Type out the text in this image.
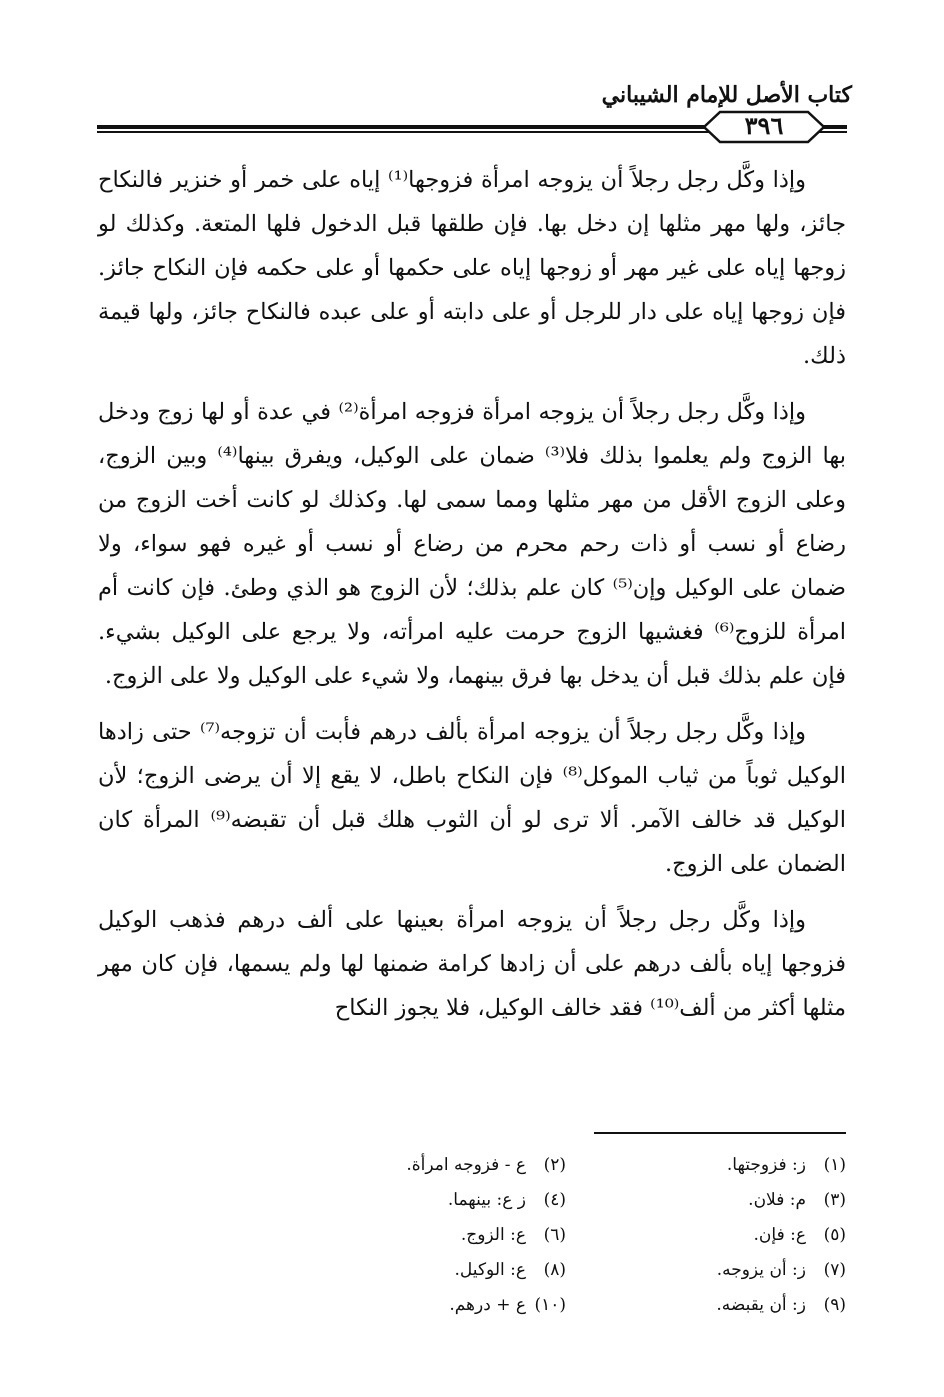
كتاب الأصل للإمام الشيباني
٣٩٦

وإذا وكَّل رجل رجلاً أن يزوجه امرأة فزوجها⁽¹⁾ إياه على خمر أو خنزير فالنكاح جائز، ولها مهر مثلها إن دخل بها. فإن طلقها قبل الدخول فلها المتعة. وكذلك لو زوجها إياه على غير مهر أو زوجها إياه على حكمها أو على حكمه فإن النكاح جائز. فإن زوجها إياه على دار للرجل أو على دابته أو على عبده فالنكاح جائز، ولها قيمة ذلك.

وإذا وكَّل رجل رجلاً أن يزوجه امرأة فزوجه امرأة⁽²⁾ في عدة أو لها زوج ودخل بها الزوج ولم يعلموا بذلك فلا⁽³⁾ ضمان على الوكيل، ويفرق بينها⁽⁴⁾ وبين الزوج، وعلى الزوج الأقل من مهر مثلها ومما سمى لها. وكذلك لو كانت أخت الزوج من رضاع أو نسب أو ذات رحم محرم من رضاع أو نسب أو غيره فهو سواء، ولا ضمان على الوكيل وإن⁽⁵⁾ كان علم بذلك؛ لأن الزوج هو الذي وطئ. فإن كانت أم امرأة للزوج⁽⁶⁾ فغشيها الزوج حرمت عليه امرأته، ولا يرجع على الوكيل بشيء. فإن علم بذلك قبل أن يدخل بها فرق بينهما، ولا شيء على الوكيل ولا على الزوج.

وإذا وكَّل رجل رجلاً أن يزوجه امرأة بألف درهم فأبت أن تزوجه⁽⁷⁾ حتى زادها الوكيل ثوباً من ثياب الموكل⁽⁸⁾ فإن النكاح باطل، لا يقع إلا أن يرضى الزوج؛ لأن الوكيل قد خالف الآمر. ألا ترى لو أن الثوب هلك قبل أن تقبضه⁽⁹⁾ المرأة كان الضمان على الزوج.

وإذا وكَّل رجل رجلاً أن يزوجه امرأة بعينها على ألف درهم فذهب الوكيل فزوجها إياه بألف درهم على أن زادها كرامة ضمنها لها ولم يسمها، فإن كان مهر مثلها أكثر من ألف⁽¹⁰⁾ فقد خالف الوكيل، فلا يجوز النكاح

(١)ز: فزوجتها.
(٢)ع - فزوجه امرأة.
(٣)م: فلان.
(٤)ز ع: بينهما.
(٥)ع: فإن.
(٦)ع: الزوج.
(٧)ز: أن يزوجه.
(٨)ع: الوكيل.
(٩)ز: أن يقبضه.
(١٠)ع + درهم.
